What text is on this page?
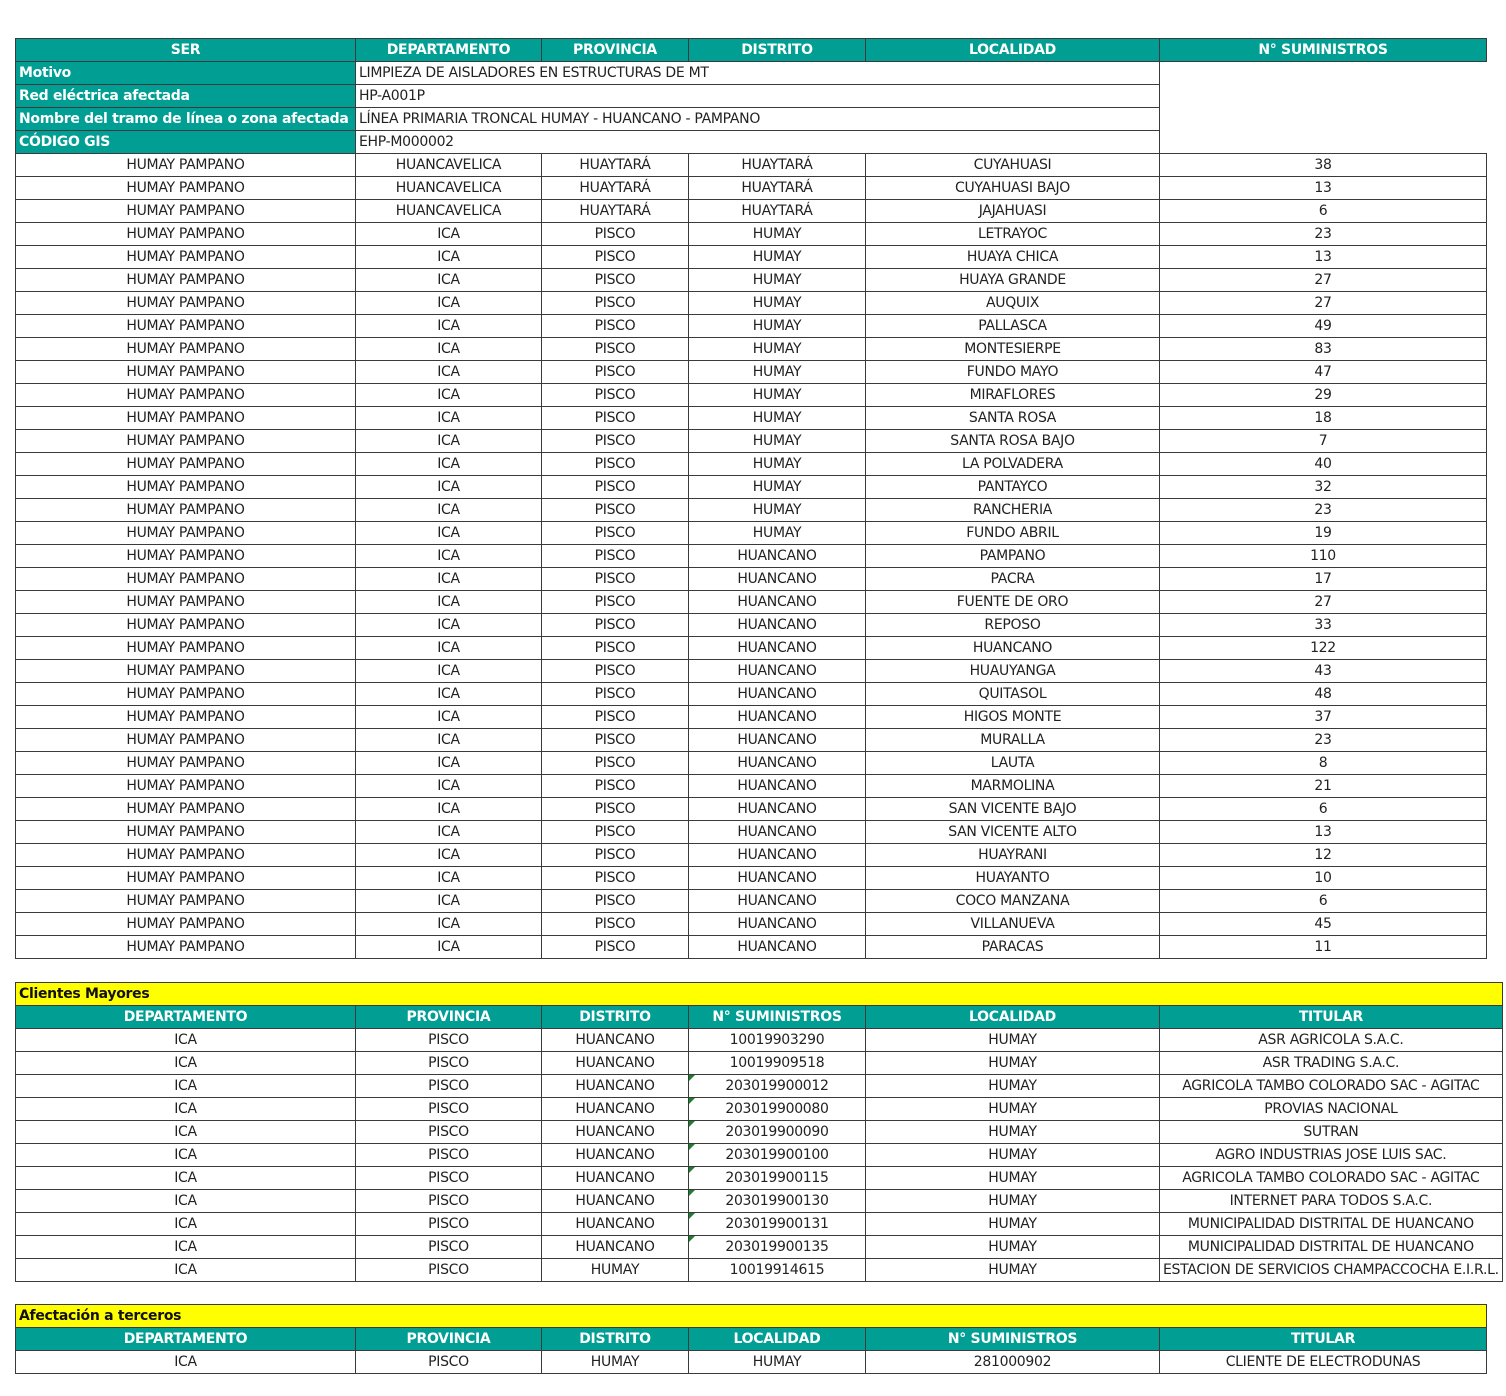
Motivo	LIMPIEZA DE AISLADORES EN ESTRUCTURAS DE MT				
Red eléctrica afectada	HP-A001P				
Nombre del tramo de línea o zona afectada	LÍNEA PRIMARIA TRONCAL HUMAY - HUANCANO - PAMPANO				
CÓDIGO GIS	EHP-M000002				
SER	DEPARTAMENTO	PROVINCIA	DISTRITO	LOCALIDAD	N° SUMINISTROS
HUMAY PAMPANO	HUANCAVELICA	HUAYTARÁ	HUAYTARÁ	CUYAHUASI	38
HUMAY PAMPANO	HUANCAVELICA	HUAYTARÁ	HUAYTARÁ	CUYAHUASI BAJO	13
HUMAY PAMPANO	HUANCAVELICA	HUAYTARÁ	HUAYTARÁ	JAJAHUASI	6
HUMAY PAMPANO	ICA	PISCO	HUMAY	LETRAYOC	23
HUMAY PAMPANO	ICA	PISCO	HUMAY	HUAYA CHICA	13
HUMAY PAMPANO	ICA	PISCO	HUMAY	HUAYA GRANDE	27
HUMAY PAMPANO	ICA	PISCO	HUMAY	AUQUIX	27
HUMAY PAMPANO	ICA	PISCO	HUMAY	PALLASCA	49
HUMAY PAMPANO	ICA	PISCO	HUMAY	MONTESIERPE	83
HUMAY PAMPANO	ICA	PISCO	HUMAY	FUNDO MAYO	47
HUMAY PAMPANO	ICA	PISCO	HUMAY	MIRAFLORES	29
HUMAY PAMPANO	ICA	PISCO	HUMAY	SANTA ROSA	18
HUMAY PAMPANO	ICA	PISCO	HUMAY	SANTA ROSA BAJO	7
HUMAY PAMPANO	ICA	PISCO	HUMAY	LA POLVADERA	40
HUMAY PAMPANO	ICA	PISCO	HUMAY	PANTAYCO	32
HUMAY PAMPANO	ICA	PISCO	HUMAY	RANCHERIA	23
HUMAY PAMPANO	ICA	PISCO	HUMAY	FUNDO ABRIL	19
HUMAY PAMPANO	ICA	PISCO	HUANCANO	PAMPANO	110
HUMAY PAMPANO	ICA	PISCO	HUANCANO	PACRA	17
HUMAY PAMPANO	ICA	PISCO	HUANCANO	FUENTE DE ORO	27
HUMAY PAMPANO	ICA	PISCO	HUANCANO	REPOSO	33
HUMAY PAMPANO	ICA	PISCO	HUANCANO	HUANCANO	122
HUMAY PAMPANO	ICA	PISCO	HUANCANO	HUAUYANGA	43
HUMAY PAMPANO	ICA	PISCO	HUANCANO	QUITASOL	48
HUMAY PAMPANO	ICA	PISCO	HUANCANO	HIGOS MONTE	37
HUMAY PAMPANO	ICA	PISCO	HUANCANO	MURALLA	23
HUMAY PAMPANO	ICA	PISCO	HUANCANO	LAUTA	8
HUMAY PAMPANO	ICA	PISCO	HUANCANO	MARMOLINA	21
HUMAY PAMPANO	ICA	PISCO	HUANCANO	SAN VICENTE BAJO	6
HUMAY PAMPANO	ICA	PISCO	HUANCANO	SAN VICENTE ALTO	13
HUMAY PAMPANO	ICA	PISCO	HUANCANO	HUAYRANI	12
HUMAY PAMPANO	ICA	PISCO	HUANCANO	HUAYANTO	10
HUMAY PAMPANO	ICA	PISCO	HUANCANO	COCO MANZANA	6
HUMAY PAMPANO	ICA	PISCO	HUANCANO	VILLANUEVA	45
HUMAY PAMPANO	ICA	PISCO	HUANCANO	PARACAS	11
Clientes Mayores					
DEPARTAMENTO	PROVINCIA	DISTRITO	N° SUMINISTROS	LOCALIDAD	TITULAR
ICA	PISCO	HUANCANO	10019903290	HUMAY	ASR AGRICOLA S.A.C.
ICA	PISCO	HUANCANO	10019909518	HUMAY	ASR TRADING S.A.C.
ICA	PISCO	HUANCANO	203019900012	HUMAY	AGRICOLA TAMBO COLORADO SAC - AGITAC
ICA	PISCO	HUANCANO	203019900080	HUMAY	PROVIAS NACIONAL
ICA	PISCO	HUANCANO	203019900090	HUMAY	SUTRAN
ICA	PISCO	HUANCANO	203019900100	HUMAY	AGRO INDUSTRIAS JOSE LUIS SAC.
ICA	PISCO	HUANCANO	203019900115	HUMAY	AGRICOLA TAMBO COLORADO SAC - AGITAC
ICA	PISCO	HUANCANO	203019900130	HUMAY	INTERNET PARA TODOS S.A.C.
ICA	PISCO	HUANCANO	203019900131	HUMAY	MUNICIPALIDAD DISTRITAL DE HUANCANO
ICA	PISCO	HUANCANO	203019900135	HUMAY	MUNICIPALIDAD DISTRITAL DE HUANCANO
ICA	PISCO	HUMAY	10019914615	HUMAY	ESTACION DE SERVICIOS CHAMPACCOCHA E.I.R.L.
Afectación a terceros					
DEPARTAMENTO	PROVINCIA	DISTRITO	LOCALIDAD	N° SUMINISTROS	TITULAR
ICA	PISCO	HUMAY	HUMAY	281000902	CLIENTE DE ELECTRODUNAS
